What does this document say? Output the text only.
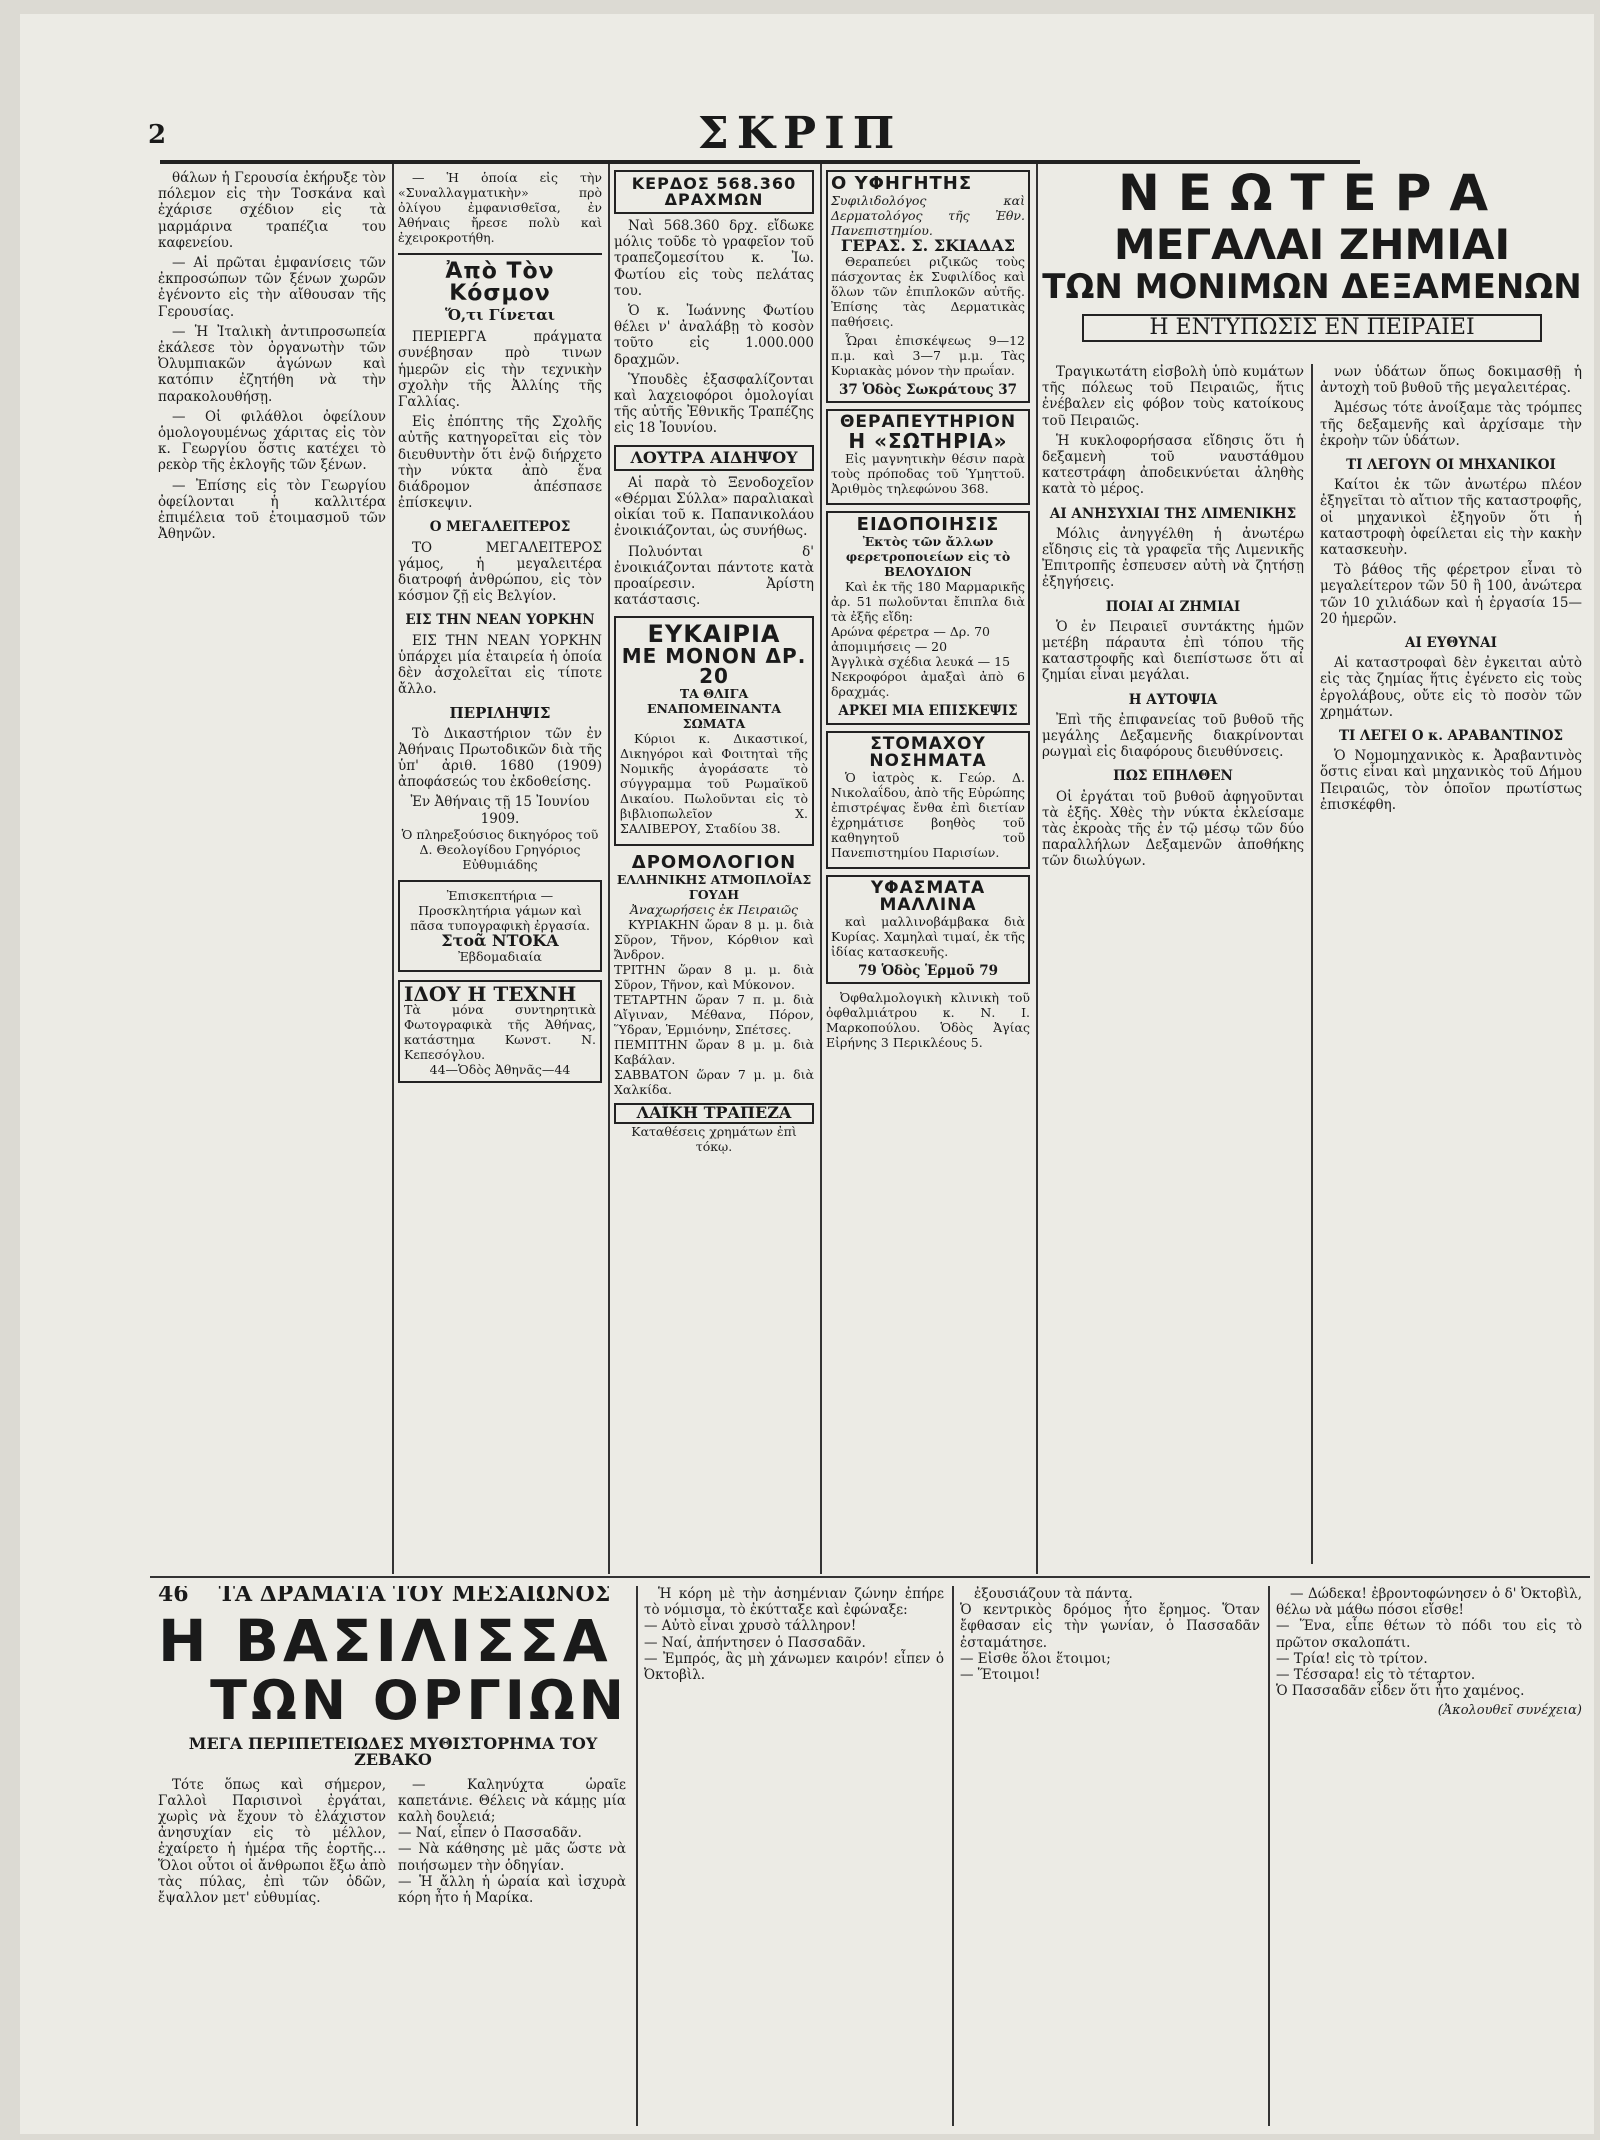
2	ΣΚΡΙΠ

θάλων ἡ Γερουσία ἐκήρυξε τὸν πόλεμον εἰς τὴν Τοσκάνα καὶ ἐχάρισε σχέδιον εἰς τὰ μαρμάρινα τραπέζια του καφενείου.

— Αἱ πρῶται ἐμφανίσεις τῶν ἐκπροσώπων τῶν ξένων χωρῶν ἐγένοντο εἰς τὴν αἴθουσαν τῆς Γερουσίας.

— Ἡ Ἰταλικὴ ἀντιπροσωπεία ἐκάλεσε τὸν ὀργανωτὴν τῶν Ὀλυμπιακῶν ἀγώνων καὶ κατόπιν ἐζητήθη νὰ τὴν παρακολουθήσῃ.

— Οἱ φιλάθλοι ὀφείλουν ὁμολογουμένως χάριτας εἰς τὸν κ. Γεωργίου ὅστις κατέχει τὸ ρεκὸρ τῆς ἐκλογῆς τῶν ξένων.

— Ἐπίσης εἰς τὸν Γεωργίου ὀφείλονται ἡ καλλιτέρα ἐπιμέλεια τοῦ ἐτοιμασμοῦ τῶν Ἀθηνῶν.

— Ἡ ὁποία εἰς τὴν «Συναλλαγματικὴν» πρὸ ὀλίγου ἐμφανισθεῖσα, ἐν Ἀθήναις ἤρεσε πολὺ καὶ ἐχειροκροτήθη.

Ἀπὸ Τὸν Κόσμον
Ὅ,τι Γίνεται

ΠΕΡΙΕΡΓΑ πράγματα συνέβησαν πρὸ τινων ἡμερῶν εἰς τὴν τεχνικὴν σχολὴν τῆς Ἀλλίης τῆς Γαλλίας.

Εἰς ἐπόπτης τῆς Σχολῆς αὐτῆς κατηγορεῖται εἰς τὸν διευθυντὴν ὅτι ἐνῷ διήρχετο τὴν νύκτα ἀπὸ ἕνα διάδρομον ἀπέσπασε ἐπίσκεψιν.

Ο ΜΕΓΑΛΕΙΤΕΡΟΣ

ΤΟ ΜΕΓΑΛΕΙΤΕΡΟΣ γάμος, ἡ μεγαλειτέρα διατροφή ἀνθρώπου, εἰς τὸν κόσμον ζῇ εἰς Βελγίον.

ΕΙΣ ΤΗΝ ΝΕΑΝ ΥΟΡΚΗΝ

ΕΙΣ ΤΗΝ ΝΕΑΝ ΥΟΡΚΗΝ ὑπάρχει μία ἐταιρεία ἡ ὁποία δὲν ἀσχολεῖται εἰς τίποτε ἄλλο.

ΠΕΡΙΛΗΨΙΣ

Τὸ Δικαστήριον τῶν ἐν Ἀθήναις Πρωτοδικῶν διὰ τῆς ὑπ' ἀριθ. 1680 (1909) ἀποφάσεώς του ἐκδοθείσης.

Ἐν Ἀθήναις τῇ 15 Ἰουνίου 1909.
Ὁ πληρεξούσιος δικηγόρος τοῦ Δ. Θεολογίδου Γρηγόριος Εὐθυμιάδης
Ἐπισκεπτήρια — Προσκλητήρια γάμων καὶ πᾶσα τυπογραφικὴ ἐργασία.
Στοᾶ ΝΤΟΚΑ
Ἐβδομαδιαία
ΙΔΟΥ Η ΤΕΧΝΗ
Τὰ μόνα συντηρητικὰ Φωτογραφικὰ τῆς Ἀθήνας, κατάστημα Κωνστ. Ν. Κεπεσόγλου.
44—Ὁδὸς Ἀθηνᾶς—44
ΚΕΡΔΟΣ 568.360 ΔΡΑΧΜΩΝ

Ναὶ 568.360 δρχ. εἴδωκε μόλις τοῦδε τὸ γραφεῖον τοῦ τραπεζομεσίτου κ. Ἰω. Φωτίου εἰς τοὺς πελάτας του.

Ὁ κ. Ἰωάννης Φωτίου θέλει ν' ἀναλάβῃ τὸ κοσὸν τοῦτο εἰς 1.000.000 δραχμῶν.

Ὑπουδὲς ἐξασφαλίζονται καὶ λαχειοφόροι ὁμολογίαι τῆς αὐτῆς Ἐθνικῆς Τραπέζης εἰς 18 Ἰουνίου.

ΛΟΥΤΡΑ ΑΙΔΗΨΟΥ

Αἱ παρὰ τὸ Ξενοδοχεῖον «Θέρμαι Σύλλα» παραλιακαὶ οἰκίαι τοῦ κ. Παπανικολάου ἐνοικιάζονται, ὡς συνήθως.

Πολυόνται δ' ἐνοικιάζονται πάντοτε κατὰ προαίρεσιν. Ἀρίστη κατάστασις.

ΕΥΚΑΙΡΙΑ
ΜΕ ΜΟΝΟΝ ΔΡ. 20
ΤΑ ΘΛΙΓΑ ΕΝΑΠΟΜΕΙΝΑΝΤΑ ΣΩΜΑΤΑ

Κύριοι κ. Δικαστικοί, Δικηγόροι καὶ Φοιτηταὶ τῆς Νομικῆς ἀγοράσατε τὸ σύγγραμμα τοῦ Ρωμαϊκοῦ Δικαίου. Πωλοῦνται εἰς τὸ βιβλιοπωλεῖον Χ. ΣΑΛΙΒΕΡΟΥ, Σταδίου 38.

ΔΡΟΜΟΛΟΓΙΟΝ
ΕΛΛΗΝΙΚΗΣ ΑΤΜΟΠΛΟΪΑΣ ΓΟΥΔΗ
Ἀναχωρήσεις ἐκ Πειραιῶς

ΚΥΡΙΑΚΗΝ ὥραν 8 μ. μ. διὰ Σῦρον, Τῆνον, Κόρθιον καὶ Ἄνδρον.
ΤΡΙΤΗΝ ὥραν 8 μ. μ. διὰ Σῦρον, Τῆνον, καὶ Μύκονον.
ΤΕΤΑΡΤΗΝ ὥραν 7 π. μ. διὰ Αἴγιναν, Μέθανα, Πόρον, Ὕδραν, Ἑρμιόνην, Σπέτσες.
ΠΕΜΠΤΗΝ ὥραν 8 μ. μ. διὰ Καβάλαν.
ΣΑΒΒΑΤΟΝ ὥραν 7 μ. μ. διὰ Χαλκίδα.

ΛΑΪΚΗ ΤΡΑΠΕΖΑ
Καταθέσεις χρημάτων ἐπὶ τόκῳ.
Ο ΥΦΗΓΗΤΗΣ
Συφιλιδολόγος καὶ Δερματολόγος τῆς Ἐθν. Πανεπιστημίου.
ΓΕΡΑΣ. Σ. ΣΚΙΑΔΑΣ

Θεραπεύει ριζικῶς τοὺς πάσχοντας ἐκ Συφιλίδος καὶ ὅλων τῶν ἐπιπλοκῶν αὐτῆς. Ἐπίσης τὰς Δερματικὰς παθήσεις.

Ὧραι ἐπισκέψεως 9—12 π.μ. καὶ 3—7 μ.μ. Τὰς Κυριακὰς μόνον τὴν πρωΐαν.

37 Ὁδὸς Σωκράτους 37
ΘΕΡΑΠΕΥΤΗΡΙΟΝ
Η «ΣΩΤΗΡΙΑ»

Εἰς μαγνητικὴν θέσιν παρὰ τοὺς πρόποδας τοῦ Ὑμηττοῦ. Ἀριθμὸς τηλεφώνου 368.

ΕΙΔΟΠΟΙΗΣΙΣ
Ἐκτὸς τῶν ἄλλων φερετροποιείων εἰς τὸ ΒΕΛΟΥΔΙΟΝ

Καὶ ἐκ τῆς 180 Μαρμαρικῆς ἀρ. 51 πωλοῦνται ἔπιπλα διὰ τὰ ἐξῆς εἴδη:
Αρώνα φέρετρα — Δρ. 70
ἀπομιμήσεις — 20
Ἀγγλικὰ σχέδια λευκά — 15
Νεκροφόροι ἀμαξαὶ ἀπὸ 6 δραχμάς.

ΑΡΚΕΙ ΜΙΑ ΕΠΙΣΚΕΨΙΣ
ΣΤΟΜΑΧΟΥ ΝΟΣΗΜΑΤΑ

Ὁ ἰατρὸς κ. Γεώρ. Δ. Νικολαΐδου, ἀπὸ τῆς Εὐρώπης ἐπιστρέψας ἔνθα ἐπὶ διετίαν ἐχρημάτισε βοηθὸς τοῦ καθηγητοῦ τοῦ Πανεπιστημίου Παρισίων.

ΥΦΑΣΜΑΤΑ ΜΑΛΛΙΝΑ

καὶ μαλλινοβάμβακα διὰ Κυρίας. Χαμηλαὶ τιμαί, ἐκ τῆς ἰδίας κατασκευῆς.

79 Ὁδὸς Ἑρμοῦ 79

Ὀφθαλμολογικὴ κλινικὴ τοῦ ὀφθαλμιάτρου κ. Ν. Ι. Μαρκοπούλου. Ὁδὸς Ἀγίας Εἰρήνης 3 Περικλέους 5.

ΝΕΩΤΕΡΑ
ΜΕΓΑΛΑΙ ΖΗΜΙΑΙ
ΤΩΝ ΜΟΝΙΜΩΝ ΔΕΞΑΜΕΝΩΝ
Η ΕΝΤΥΠΩΣΙΣ ΕΝ ΠΕΙΡΑΙΕΙ

Τραγικωτάτη εἰσβολὴ ὑπὸ κυμάτων τῆς πόλεως τοῦ Πειραιῶς, ἥτις ἐνέβαλεν εἰς φόβον τοὺς κατοίκους τοῦ Πειραιῶς.

Ἡ κυκλοφορήσασα εἴδησις ὅτι ἡ δεξαμενὴ τοῦ ναυστάθμου κατεστράφη ἀποδεικνύεται ἀληθὴς κατὰ τὸ μέρος.

ΑΙ ΑΝΗΣΥΧΙΑΙ ΤΗΣ ΛΙΜΕΝΙΚΗΣ

Μόλις ἀνηγγέλθη ἡ ἀνωτέρω εἴδησις εἰς τὰ γραφεῖα τῆς Λιμενικῆς Ἐπιτροπῆς ἐσπευσεν αὐτὴ νὰ ζητήσῃ ἐξηγήσεις.

ΠΟΙΑΙ ΑΙ ΖΗΜΙΑΙ

Ὁ ἐν Πειραιεῖ συντάκτης ἡμῶν μετέβη πάραυτα ἐπὶ τόπου τῆς καταστροφῆς καὶ διεπίστωσε ὅτι αἱ ζημίαι εἶναι μεγάλαι.

Η ΑΥΤΟΨΙΑ

Ἐπὶ τῆς ἐπιφανείας τοῦ βυθοῦ τῆς μεγάλης Δεξαμενῆς διακρίνονται ρωγμαὶ εἰς διαφόρους διευθύνσεις.

ΠΩΣ ΕΠΗΛΘΕΝ

Οἱ ἐργάται τοῦ βυθοῦ ἀφηγοῦνται τὰ ἑξῆς. Χθὲς τὴν νύκτα ἐκλείσαμε τὰς ἐκροὰς τῆς ἐν τῷ μέσῳ τῶν δύο παραλλήλων Δεξαμενῶν ἀποθήκης τῶν διωλύγων.

νων ὑδάτων ὅπως δοκιμασθῇ ἡ ἀντοχὴ τοῦ βυθοῦ τῆς μεγαλειτέρας.

Ἀμέσως τότε ἀνοίξαμε τὰς τρόμπες τῆς δεξαμενῆς καὶ ἀρχίσαμε τὴν ἐκροὴν τῶν ὑδάτων.

ΤΙ ΛΕΓΟΥΝ ΟΙ ΜΗΧΑΝΙΚΟΙ

Καίτοι ἐκ τῶν ἀνωτέρω πλέον ἐξηγεῖται τὸ αἴτιον τῆς καταστροφῆς, οἱ μηχανικοὶ ἐξηγοῦν ὅτι ἡ καταστροφὴ ὀφείλεται εἰς τὴν κακὴν κατασκευὴν.

Τὸ βάθος τῆς φέρετρον εἶναι τὸ μεγαλείτερον τῶν 50 ἢ 100, ἀνώτερα τῶν 10 χιλιάδων καὶ ἡ ἐργασία 15—20 ἡμερῶν.

ΑΙ ΕΥΘΥΝΑΙ

Αἱ καταστροφαὶ δὲν ἐγκειται αὐτὸ εἰς τὰς ζημίας ἥτις ἐγένετο εἰς τοὺς ἐργολάβους, οὔτε εἰς τὸ ποσὸν τῶν χρημάτων.

ΤΙ ΛΕΓΕΙ Ο κ. ΑΡΑΒΑΝΤΙΝΟΣ

Ὁ Νομομηχανικὸς κ. Ἀραβαντινὸς ὅστις εἶναι καὶ μηχανικὸς τοῦ Δήμου Πειραιῶς, τὸν ὁποῖον πρωτίστως ἐπισκέφθη.

46 ΤΑ ΔΡΑΜΑΤΑ ΤΟΥ ΜΕΣΑΙΩΝΟΣ
Η ΒΑΣΙΛΙΣΣΑ
ΤΩΝ ΟΡΓΙΩΝ
ΜΕΓΑ ΠΕΡΙΠΕΤΕΙΩΔΕΣ ΜΥΘΙΣΤΟΡΗΜΑ ΤΟΥ ΖΕΒΑΚΟ

Τότε ὅπως καὶ σήμερον, Γαλλοὶ Παρισινοὶ ἐργάται, χωρὶς νὰ ἔχουν τὸ ἐλάχιστον ἀνησυχίαν εἰς τὸ μέλλον, ἐχαίρετο ἡ ἡμέρα τῆς ἑορτῆς... Ὅλοι οὗτοι οἱ ἄνθρωποι ἔξω ἀπὸ τὰς πύλας, ἐπὶ τῶν ὁδῶν, ἔψαλλον μετ' εὐθυμίας.

— Καληνύχτα ὡραῖε καπετάνιε. Θέλεις νὰ κάμῃς μία καλὴ δουλειά;
— Ναί, εἶπεν ὁ Πασσαδᾶν.
— Νὰ κάθησης μὲ μᾶς ὥστε νὰ ποιήσωμεν τὴν ὁδηγίαν.
— Ἡ ἄλλη ἡ ὡραία καὶ ἰσχυρὰ κόρη ἦτο ἡ Μαρίκα.

Ἡ κόρη μὲ τὴν ἀσημένιαν ζώνην ἐπήρε τὸ νόμισμα, τὸ ἐκύτταξε καὶ ἐφώναξε:
— Αὐτὸ εἶναι χρυσὸ τάλληρον!
— Ναί, ἀπήντησεν ὁ Πασσαδᾶν.
— Ἐμπρός, ἂς μὴ χάνωμεν καιρόν! εἶπεν ὁ Ὀκτοβὶλ.

ἐξουσιάζουν τὰ πάντα.
Ὁ κεντρικὸς δρόμος ἦτο ἔρημος. Ὅταν ἔφθασαν εἰς τὴν γωνίαν, ὁ Πασσαδᾶν ἐσταμάτησε.
— Εἰσθε ὅλοι ἕτοιμοι;
— Ἕτοιμοι!

— Δώδεκα! ἐβροντοφώνησεν ὁ δ' Ὀκτοβὶλ, θέλω νὰ μάθω πόσοι εἴσθε!
— Ἕνα, εἶπε θέτων τὸ πόδι του εἰς τὸ πρῶτον σκαλοπάτι.
— Τρία! εἰς τὸ τρίτον.
— Τέσσαρα! εἰς τὸ τέταρτον.
Ὁ Πασσαδᾶν εἶδεν ὅτι ἦτο χαμένος.

(Ἀκολουθεῖ συνέχεια)
